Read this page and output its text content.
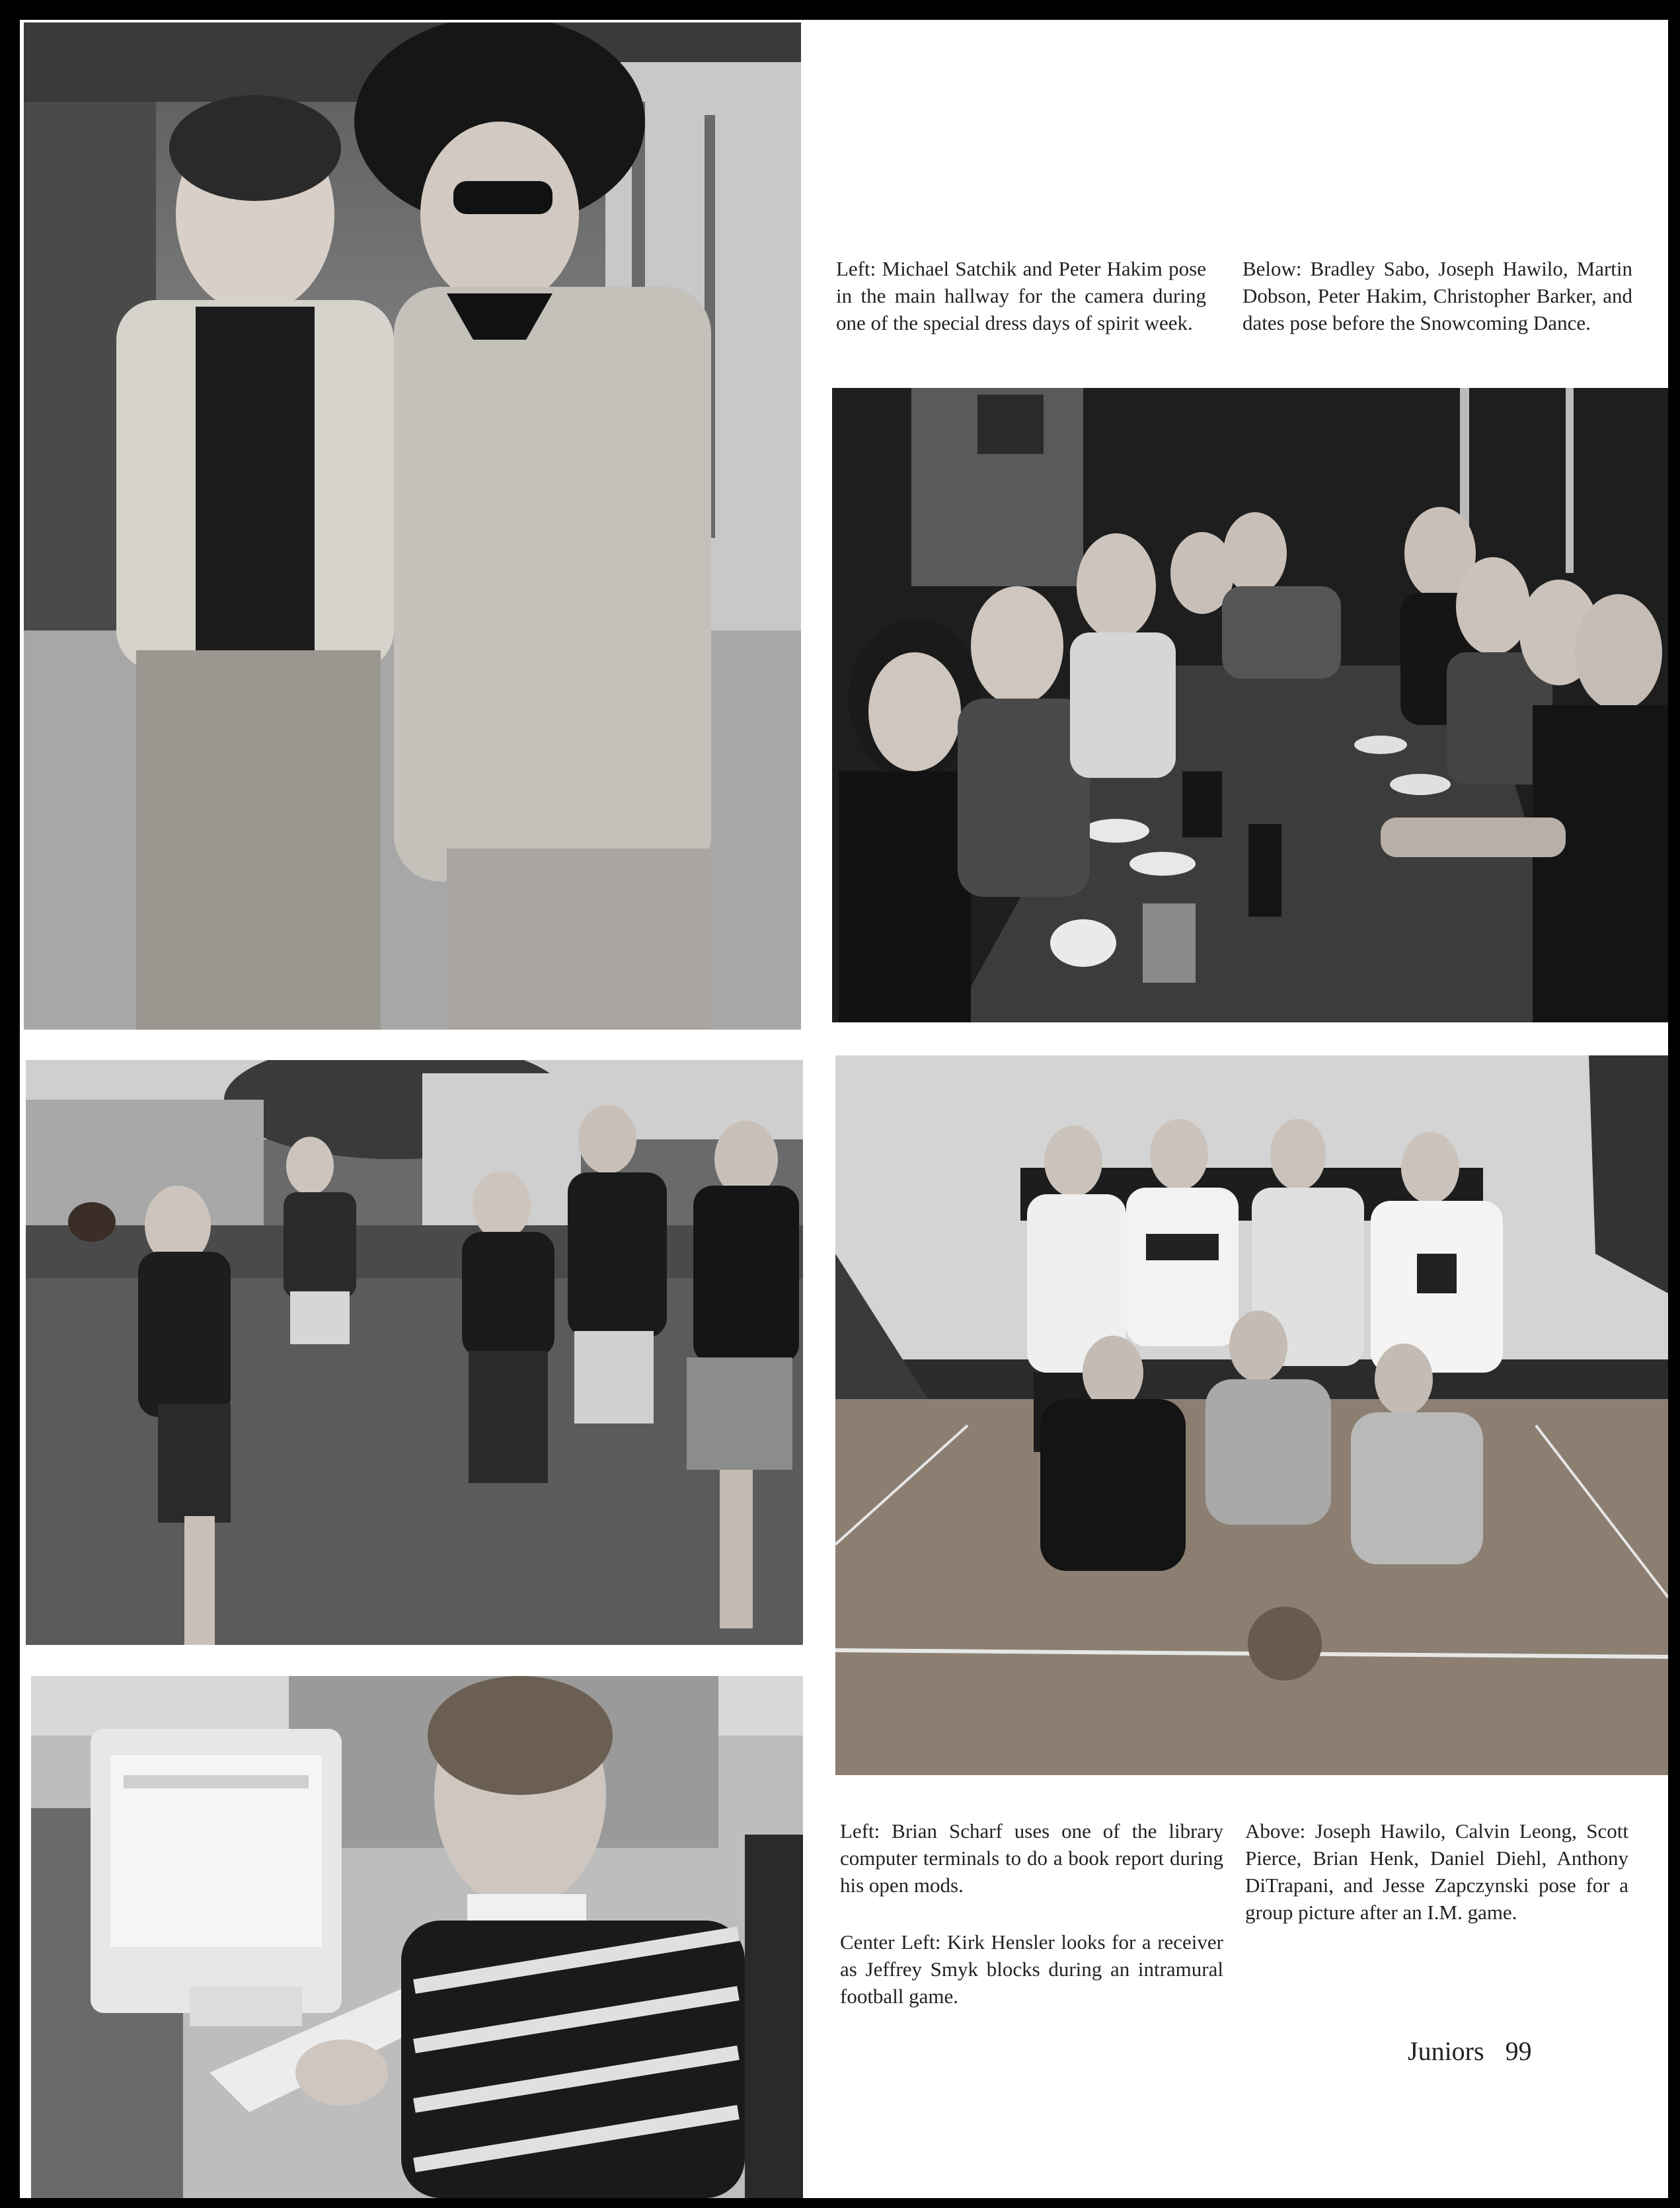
Left: Michael Satchik and Peter Hakim pose in the main hallway for the camera during one of the special dress days of spirit week.

Below: Bradley Sabo, Joseph Hawilo, Martin Dobson, Peter Hakim, Christopher Barker, and dates pose before the Snowcoming Dance.

Left: Brian Scharf uses one of the library computer terminals to do a book report during his open mods.

Center Left: Kirk Hensler looks for a receiver as Jeffrey Smyk blocks during an intramural football game.

Above: Joseph Hawilo, Calvin Leong, Scott Pierce, Brian Henk, Daniel Diehl, Anthony DiTrapani, and Jesse Zapczynski pose for a group picture after an I.M. game.

Juniors 99
